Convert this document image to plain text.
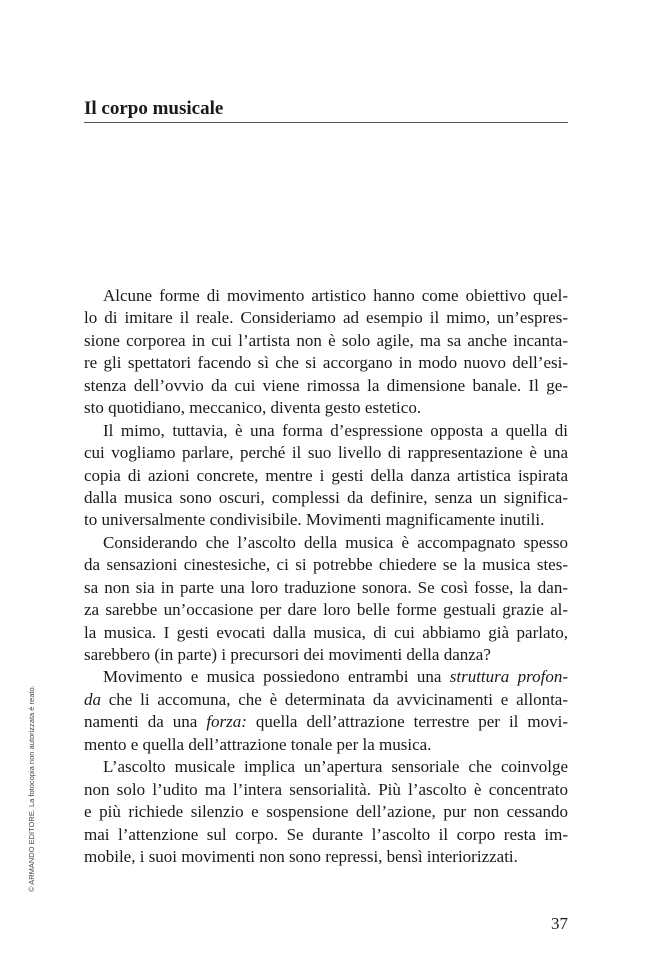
Il corpo musicale
Alcune forme di movimento artistico hanno come obiettivo quel-
lo di imitare il reale. Consideriamo ad esempio il mimo, un’espres-
sione corporea in cui l’artista non è solo agile, ma sa anche incanta-
re gli spettatori facendo sì che si accorgano in modo nuovo dell’esi-
stenza dell’ovvio da cui viene rimossa la dimensione banale. Il ge-
sto quotidiano, meccanico, diventa gesto estetico.
Il mimo, tuttavia, è una forma d’espressione opposta a quella di
cui vogliamo parlare, perché il suo livello di rappresentazione è una
copia di azioni concrete, mentre i gesti della danza artistica ispirata
dalla musica sono oscuri, complessi da definire, senza un significa-
to universalmente condivisibile. Movimenti magnificamente inutili.
Considerando che l’ascolto della musica è accompagnato spesso
da sensazioni cinestesiche, ci si potrebbe chiedere se la musica stes-
sa non sia in parte una loro traduzione sonora. Se così fosse, la dan-
za sarebbe un’occasione per dare loro belle forme gestuali grazie al-
la musica. I gesti evocati dalla musica, di cui abbiamo già parlato,
sarebbero (in parte) i precursori dei movimenti della danza?
Movimento e musica possiedono entrambi una struttura profon-
da che li accomuna, che è determinata da avvicinamenti e allonta-
namenti da una forza: quella dell’attrazione terrestre per il movi-
mento e quella dell’attrazione tonale per la musica.
L’ascolto musicale implica un’apertura sensoriale che coinvolge
non solo l’udito ma l’intera sensorialità. Più l’ascolto è concentrato
e più richiede silenzio e sospensione dell’azione, pur non cessando
mai l’attenzione sul corpo. Se durante l’ascolto il corpo resta im-
mobile, i suoi movimenti non sono repressi, bensì interiorizzati.
© ARMANDO EDITORE. La fotocopia non autorizzata è reato.
37
